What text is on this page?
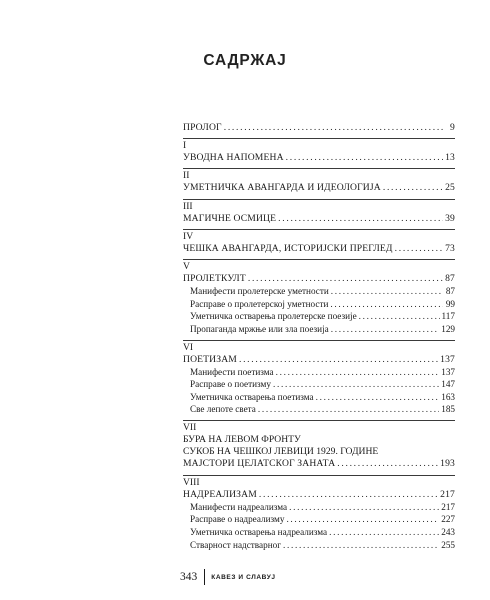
САДРЖАЈ
ПРОЛОГ .....	9
I
УВОДНА НАПОМЕНА .....	13
II
УМЕТНИЧКА АВАНГАРДА И ИДЕОЛОГИЈА .....	25
III
МАГИЧНЕ ОСМИЦЕ .....	39
IV
ЧЕШКА АВАНГАРДА, ИСТОРИЈСКИ ПРЕГЛЕД .....	73
V
ПРОЛЕТКУЛТ .....	87
Манифести пролетерске уметности .....	87
Расправе о пролетерској уметности .....	99
Уметничка остварења пролетерске поезије .....	117
Пропаганда мржње или зла поезија .....	129
VI
ПОЕТИЗАМ .....	137
Манифести поетизма .....	137
Расправе о поетизму .....	147
Уметничка остварења поетизма .....	163
Све лепоте света .....	185
VII
БУРА НА ЛЕВОМ ФРОНТУ
СУКОБ НА ЧЕШКОЈ ЛЕВИЦИ 1929. ГОДИНЕ
МАЈСТОРИ ЦЕЛАТСКОГ ЗАНАТА .....	193
VIII
НАДРЕАЛИЗАМ .....	217
Манифести надреализма .....	217
Расправе о надреализму .....	227
Уметничка остварења надреализма .....	243
Стварност надстварног .....	255
343 КАВЕЗ И СЛАВУЈ
